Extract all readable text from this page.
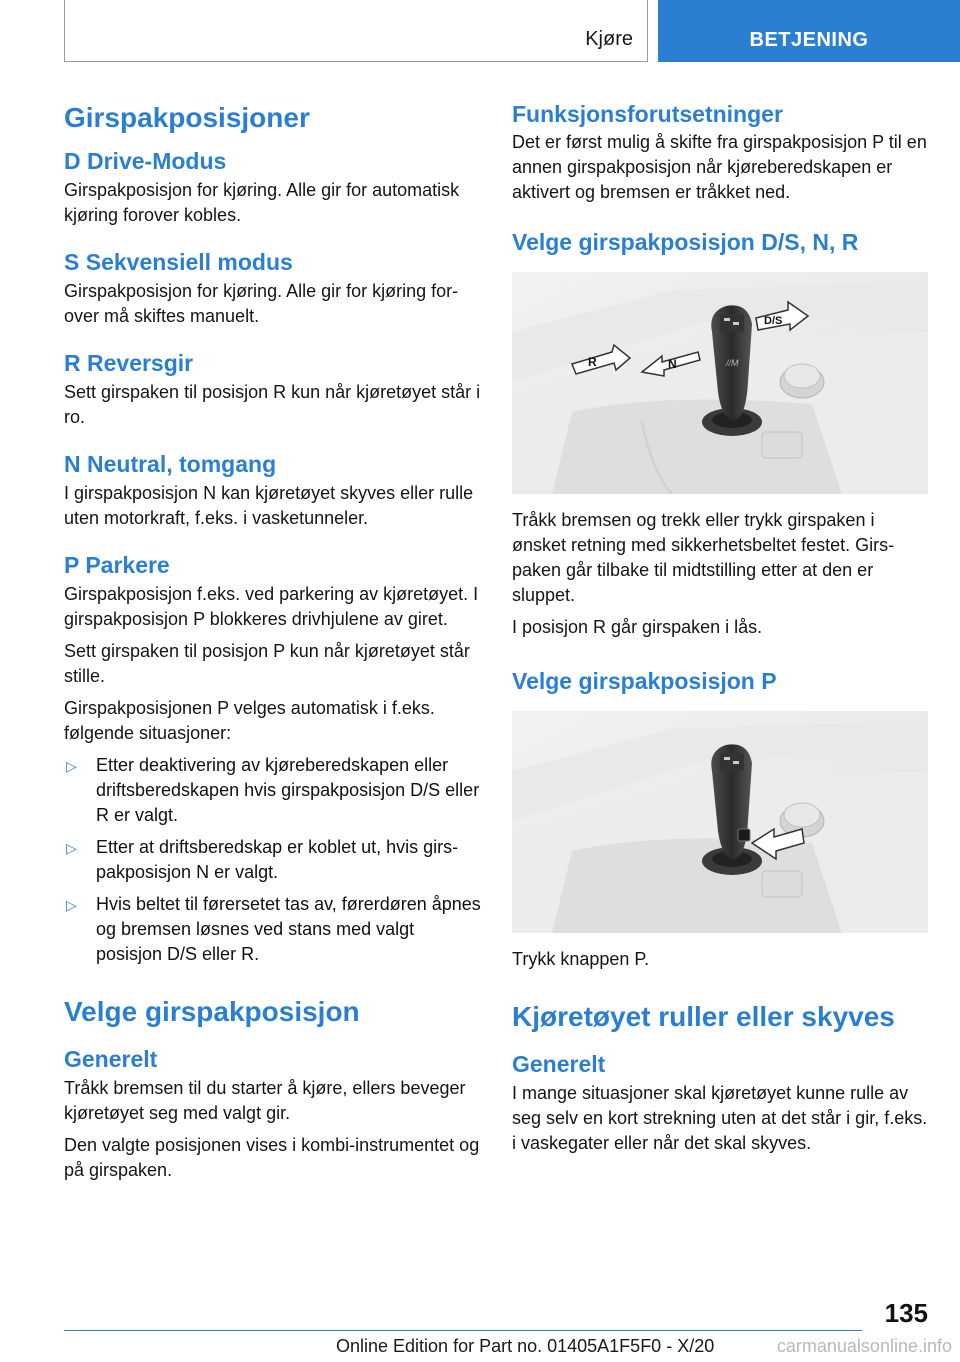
Kjøre	BETJENING
Girspakposisjoner
D Drive-Modus

Girspakposisjon for kjøring. Alle gir for automatisk kjøring forover kobles.

S Sekvensiell modus

Girspakposisjon for kjøring. Alle gir for kjøring forover må skiftes manuelt.

R Reversgir

Sett girspaken til posisjon R kun når kjøretøyet står i ro.

N Neutral, tomgang

I girspakposisjon N kan kjøretøyet skyves eller rulle uten motorkraft, f.eks. i vasketunneler.

P Parkere

Girspakposisjon f.eks. ved parkering av kjøretøyet. I girspakposisjon P blokkeres drivhjulene av giret.

Sett girspaken til posisjon P kun når kjøretøyet står stille.

Girspakposisjonen P velges automatisk i f.eks. følgende situasjoner:

▷ Etter deaktivering av kjøreberedskapen eller driftsberedskapen hvis girspakposisjon D/S eller R er valgt.
▷ Etter at driftsberedskap er koblet ut, hvis girspakposisjon N er valgt.
▷ Hvis beltet til førersetet tas av, førerdøren åpnes og bremsen løsnes ved stans med valgt posisjon D/S eller R.
Velge girspakposisjon
Generelt

Tråkk bremsen til du starter å kjøre, ellers beveger kjøretøyet seg med valgt gir.

Den valgte posisjonen vises i kombi-instrumentet og på girspaken.

Funksjonsforutsetninger

Det er først mulig å skifte fra girspakposisjon P til en annen girspakposisjon når kjøreberedskapen er aktivert og bremsen er tråkket ned.

Velge girspakposisjon D/S, N, R
//M
R	N
D/S

Tråkk bremsen og trekk eller trykk girspaken i ønsket retning med sikkerhetsbeltet festet. Girspaken går tilbake til midtstilling etter at den er sluppet.

I posisjon R går girspaken i lås.

Velge girspakposisjon P

Trykk knappen P.

Kjøretøyet ruller eller skyves
Generelt

I mange situasjoner skal kjøretøyet kunne rulle av seg selv en kort strekning uten at det står i gir, f.eks. i vaskegater eller når det skal skyves.

135
Online Edition for Part no. 01405A1F5F0 - X/20	carmanualsonline.info
